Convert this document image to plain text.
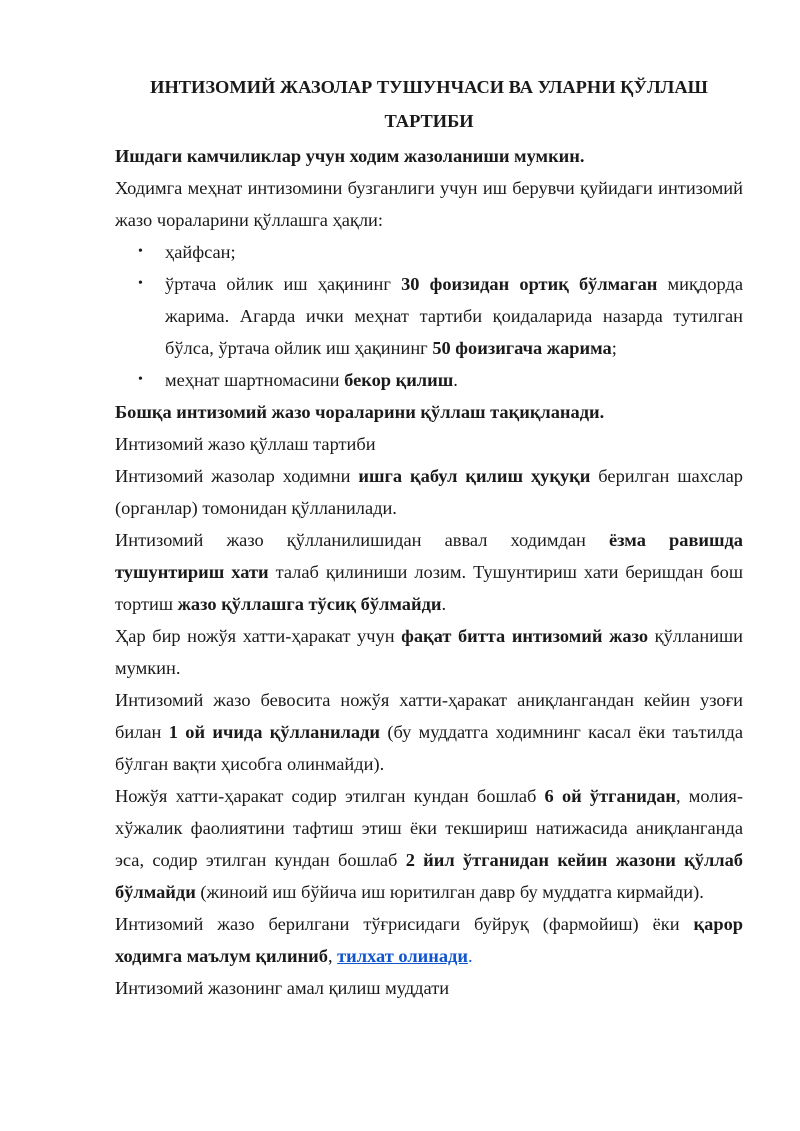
ИНТИЗОМИЙ ЖАЗОЛАР ТУШУНЧАСИ ВА УЛАРНИ ҚЎЛЛАШ ТАРТИБИ

Ишдаги камчиликлар учун ходим жазоланиши мумкин.

Ходимга меҳнат интизомини бузганлиги учун иш берувчи қуйидаги интизомий жазо чораларини қўллашга ҳақли:

• ҳайфсан;
• ўртача ойлик иш ҳақининг 30 фоизидан ортиқ бўлмаган миқдорда жарима. Агарда ички меҳнат тартиби қоидаларида назарда тутилган бўлса, ўртача ойлик иш ҳақининг 50 фоизигача жарима;
• меҳнат шартномасини бекор қилиш.

Бошқа интизомий жазо чораларини қўллаш тақиқланади.

Интизомий жазо қўллаш тартиби

Интизомий жазолар ходимни ишга қабул қилиш ҳуқуқи берилган шахслар (органлар) томонидан қўлланилади.

Интизомий жазо қўлланилишидан аввал ходимдан ёзма равишда тушунтириш хати талаб қилиниши лозим. Тушунтириш хати беришдан бош тортиш жазо қўллашга тўсиқ бўлмайди.

Ҳар бир ножўя хатти-ҳаракат учун фақат битта интизомий жазо қўлланиши мумкин.

Интизомий жазо бевосита ножўя хатти-ҳаракат аниқлангандан кейин узоғи билан 1 ой ичида қўлланилади (бу муддатга ходимнинг касал ёки таътилда бўлган вақти ҳисобга олинмайди).

Ножўя хатти-ҳаракат содир этилган кундан бошлаб 6 ой ўтганидан, молия-хўжалик фаолиятини тафтиш этиш ёки текшириш натижасида аниқланганда эса, содир этилган кундан бошлаб 2 йил ўтганидан кейин жазони қўллаб бўлмайди (жиноий иш бўйича иш юритилган давр бу муддатга кирмайди).

Интизомий жазо берилгани тўғрисидаги буйруқ (фармойиш) ёки қарор ходимга маълум қилиниб, тилхат олинади.

Интизомий жазонинг амал қилиш муддати
